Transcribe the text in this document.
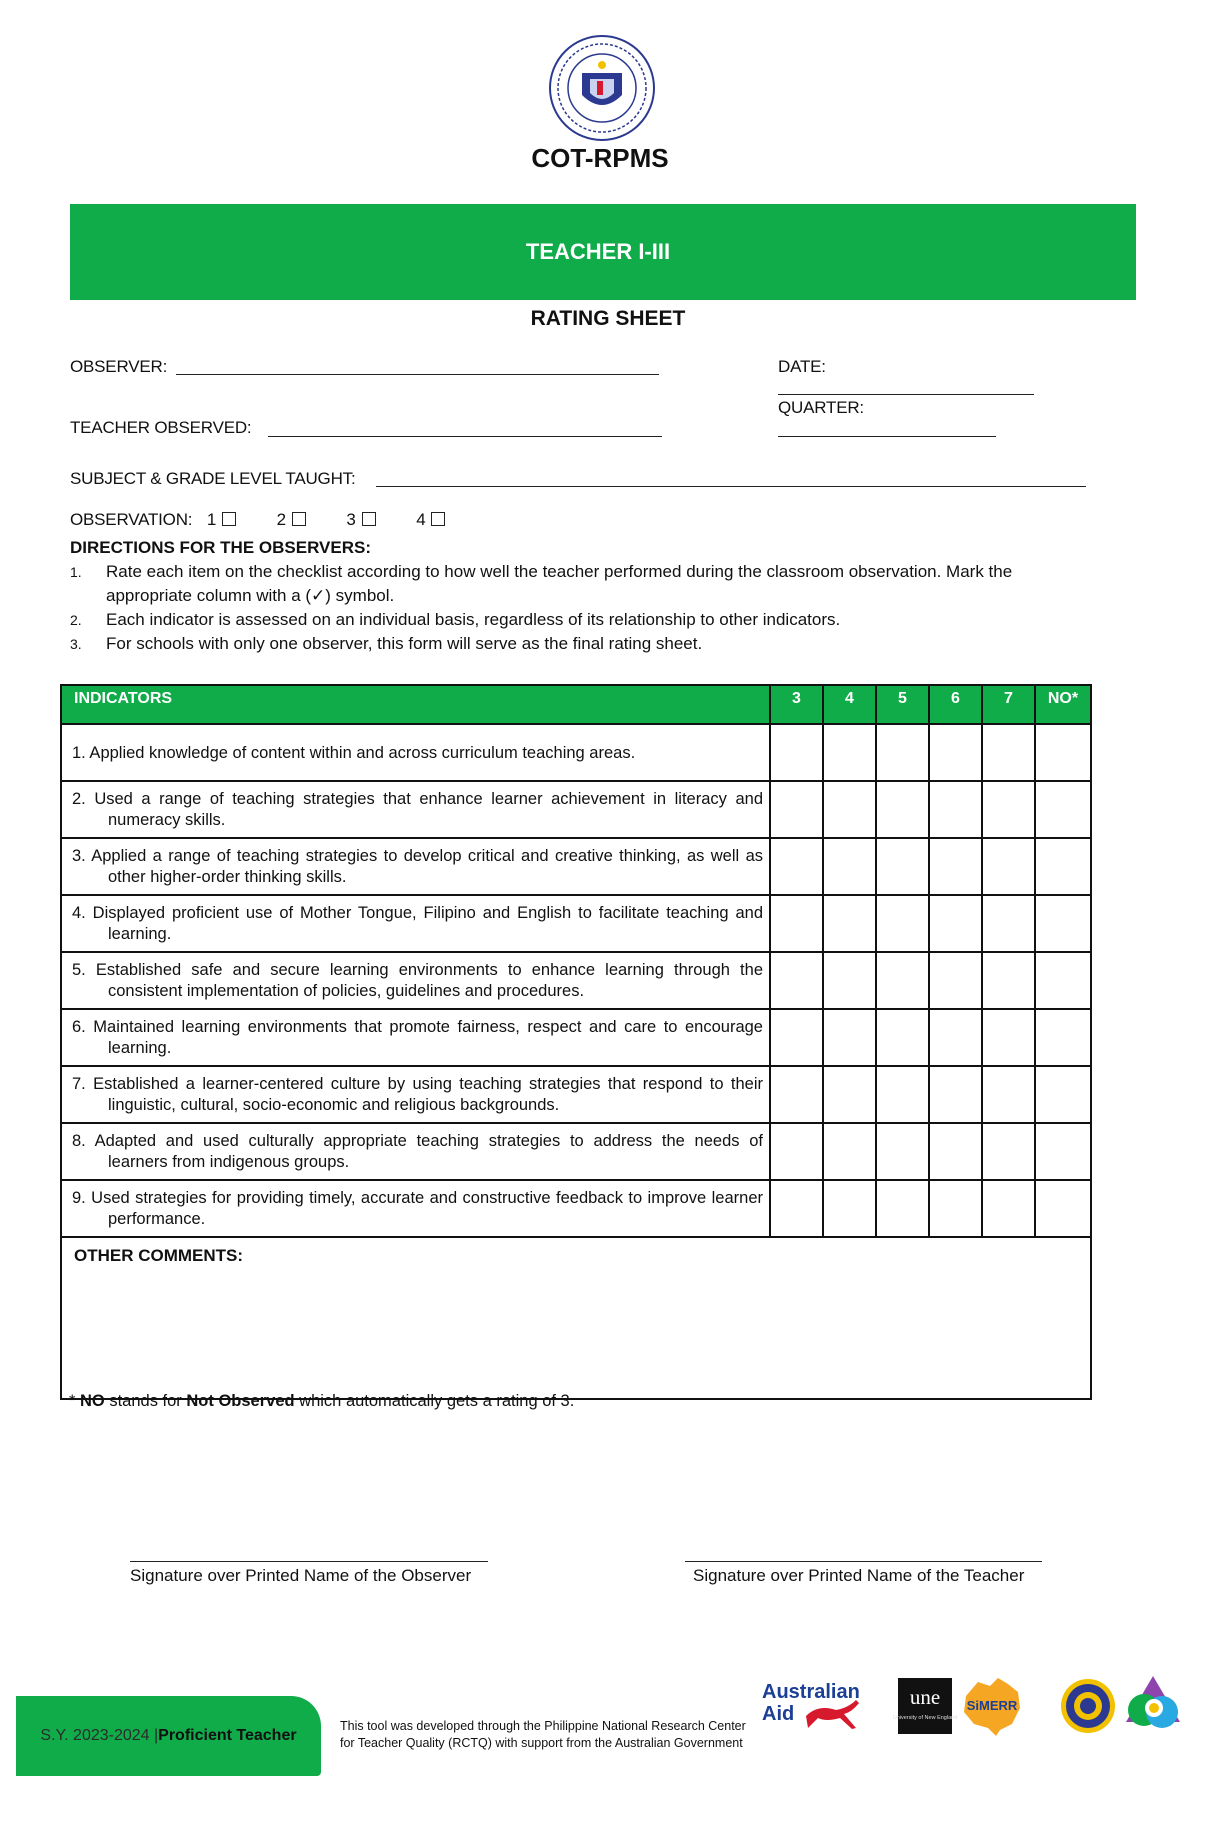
COT-RPMS
TEACHER I-III
RATING SHEET
OBSERVER:	DATE:
QUARTER:
TEACHER OBSERVED:
SUBJECT & GRADE LEVEL TAUGHT:
OBSERVATION: 1	2	3	4
DIRECTIONS FOR THE OBSERVERS:
1. Rate each item on the checklist according to how well the teacher performed during the classroom observation. Mark the appropriate column with a (✓) symbol.
2. Each indicator is assessed on an individual basis, regardless of its relationship to other indicators.
3. For schools with only one observer, this form will serve as the final rating sheet.
INDICATORS	3	4	5	6	7	NO*

1. Applied knowledge of content within and across curriculum teaching areas.						

2. Used a range of teaching strategies that enhance learner achievement in literacy and numeracy skills.						

3. Applied a range of teaching strategies to develop critical and creative thinking, as well as other higher-order thinking skills.						

4. Displayed proficient use of Mother Tongue, Filipino and English to facilitate teaching and learning.						

5. Established safe and secure learning environments to enhance learning through the consistent implementation of policies, guidelines and procedures.						

6. Maintained learning environments that promote fairness, respect and care to encourage learning.						

7. Established a learner-centered culture by using teaching strategies that respond to their linguistic, cultural, socio-economic and religious backgrounds.						

8. Adapted and used culturally appropriate teaching strategies to address the needs of learners from indigenous groups.						

9. Used strategies for providing timely, accurate and constructive feedback to improve learner performance.						

OTHER COMMENTS:						
* NO stands for Not Observed which automatically gets a rating of 3.
Signature over Printed Name of the Observer	Signature over Printed Name of the Teacher
S.Y. 2023-2024 | Proficient Teacher
This tool was developed through the Philippine National Research Center for Teacher Quality (RCTQ) with support from the Australian Government
Australian
Aid
une
University of New England
SiMERR
